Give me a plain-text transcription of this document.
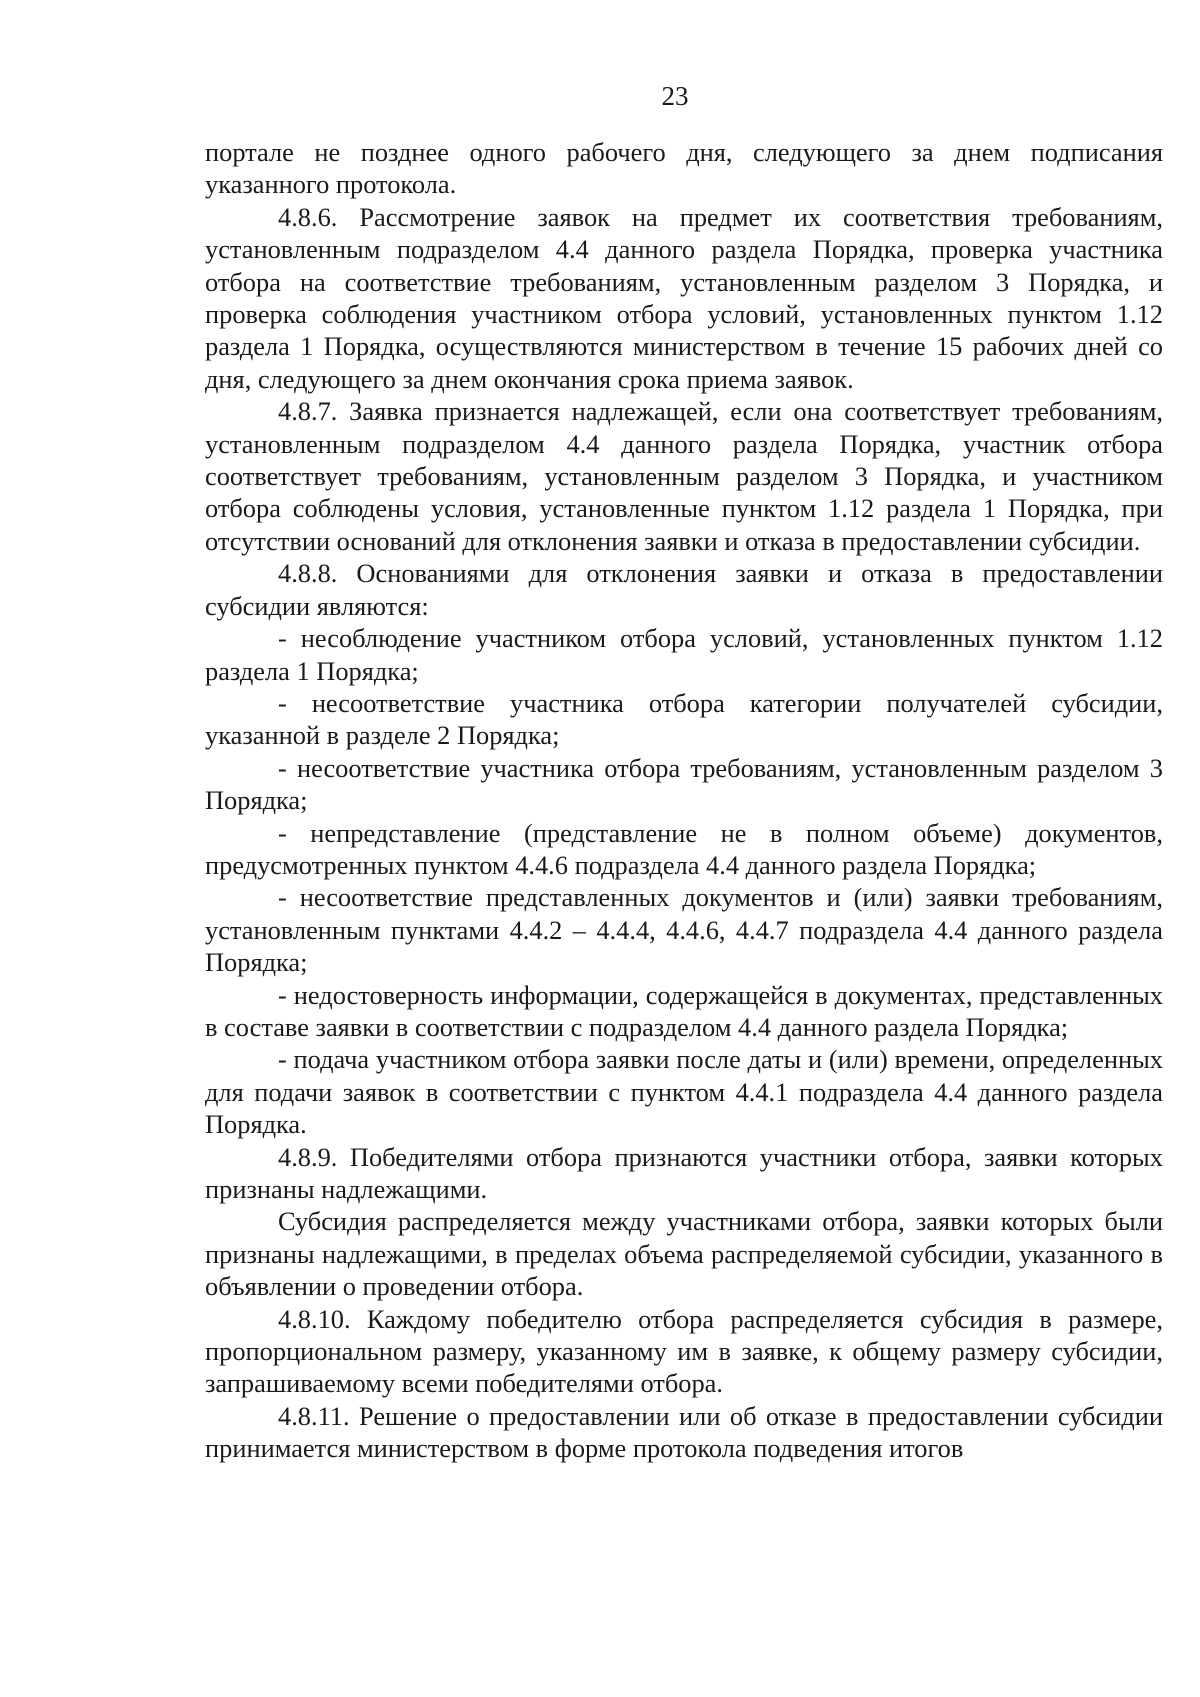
23

портале не позднее одного рабочего дня, следующего за днем подписания указанного протокола.

4.8.6. Рассмотрение заявок на предмет их соответствия требованиям, установленным подразделом 4.4 данного раздела Порядка, проверка участника отбора на соответствие требованиям, установленным разделом 3 Порядка, и проверка соблюдения участником отбора условий, установленных пунктом 1.12 раздела 1 Порядка, осуществляются министерством в течение 15 рабочих дней со дня, следующего за днем окончания срока приема заявок.

4.8.7. Заявка признается надлежащей, если она соответствует требованиям, установленным подразделом 4.4 данного раздела Порядка, участник отбора соответствует требованиям, установленным разделом 3 Порядка, и участником отбора соблюдены условия, установленные пунктом 1.12 раздела 1 Порядка, при отсутствии оснований для отклонения заявки и отказа в предоставлении субсидии.

4.8.8. Основаниями для отклонения заявки и отказа в предоставлении субсидии являются:

- несоблюдение участником отбора условий, установленных пунктом 1.12 раздела 1 Порядка;

- несоответствие участника отбора категории получателей субсидии, указанной в разделе 2 Порядка;

- несоответствие участника отбора требованиям, установленным разделом 3 Порядка;

- непредставление (представление не в полном объеме) документов, предусмотренных пунктом 4.4.6 подраздела 4.4 данного раздела Порядка;

- несоответствие представленных документов и (или) заявки требованиям, установленным пунктами 4.4.2 – 4.4.4, 4.4.6, 4.4.7 подраздела 4.4 данного раздела Порядка;

- недостоверность информации, содержащейся в документах, представленных в составе заявки в соответствии с подразделом 4.4 данного раздела Порядка;

- подача участником отбора заявки после даты и (или) времени, определенных для подачи заявок в соответствии с пунктом 4.4.1 подраздела 4.4 данного раздела Порядка.

4.8.9. Победителями отбора признаются участники отбора, заявки которых признаны надлежащими.

Субсидия распределяется между участниками отбора, заявки которых были признаны надлежащими, в пределах объема распределяемой субсидии, указанного в объявлении о проведении отбора.

4.8.10. Каждому победителю отбора распределяется субсидия в размере, пропорциональном размеру, указанному им в заявке, к общему размеру субсидии, запрашиваемому всеми победителями отбора.

4.8.11. Решение о предоставлении или об отказе в предоставлении субсидии принимается министерством в форме протокола подведения итогов
